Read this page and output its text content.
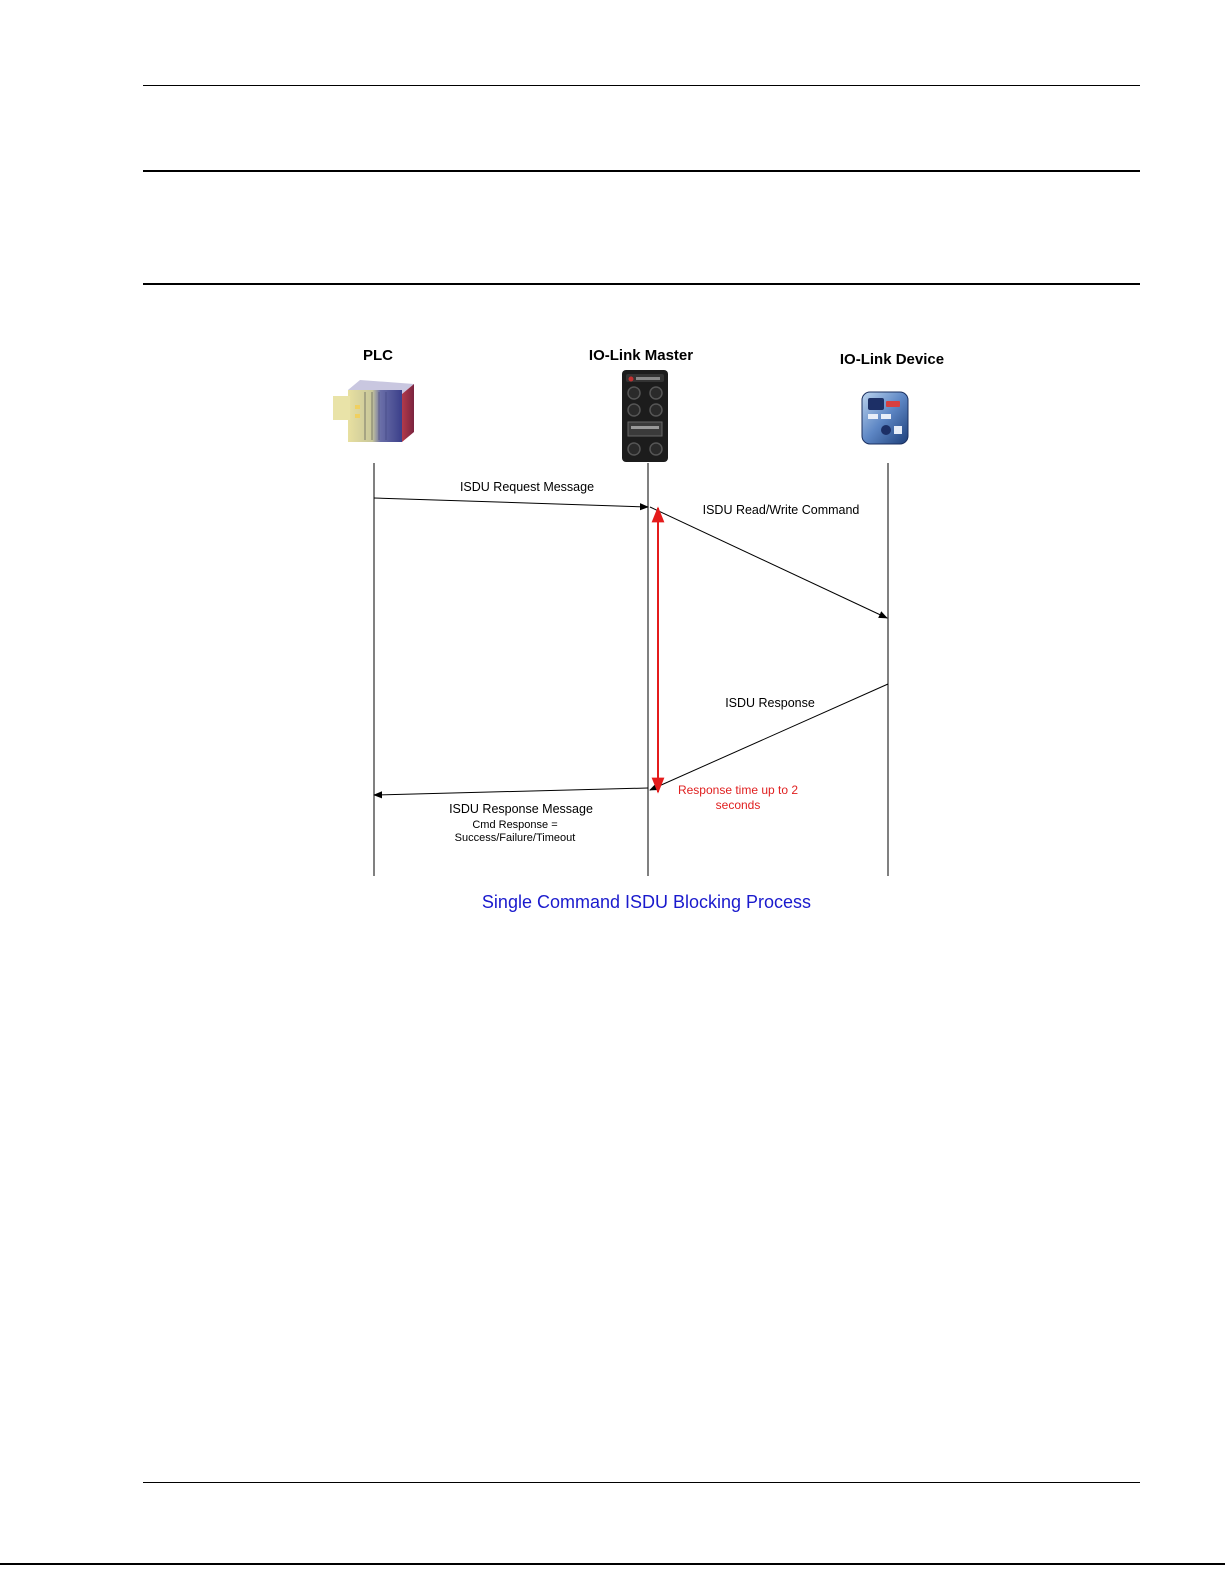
PLC	IO-Link Master	IO-Link Device
ISDU Request Message
ISDU Read/Write Command
ISDU Response
ISDU Response Message
Cmd Response =
Success/Failure/Timeout
Response time up to 2
seconds
Single Command ISDU Blocking Process
